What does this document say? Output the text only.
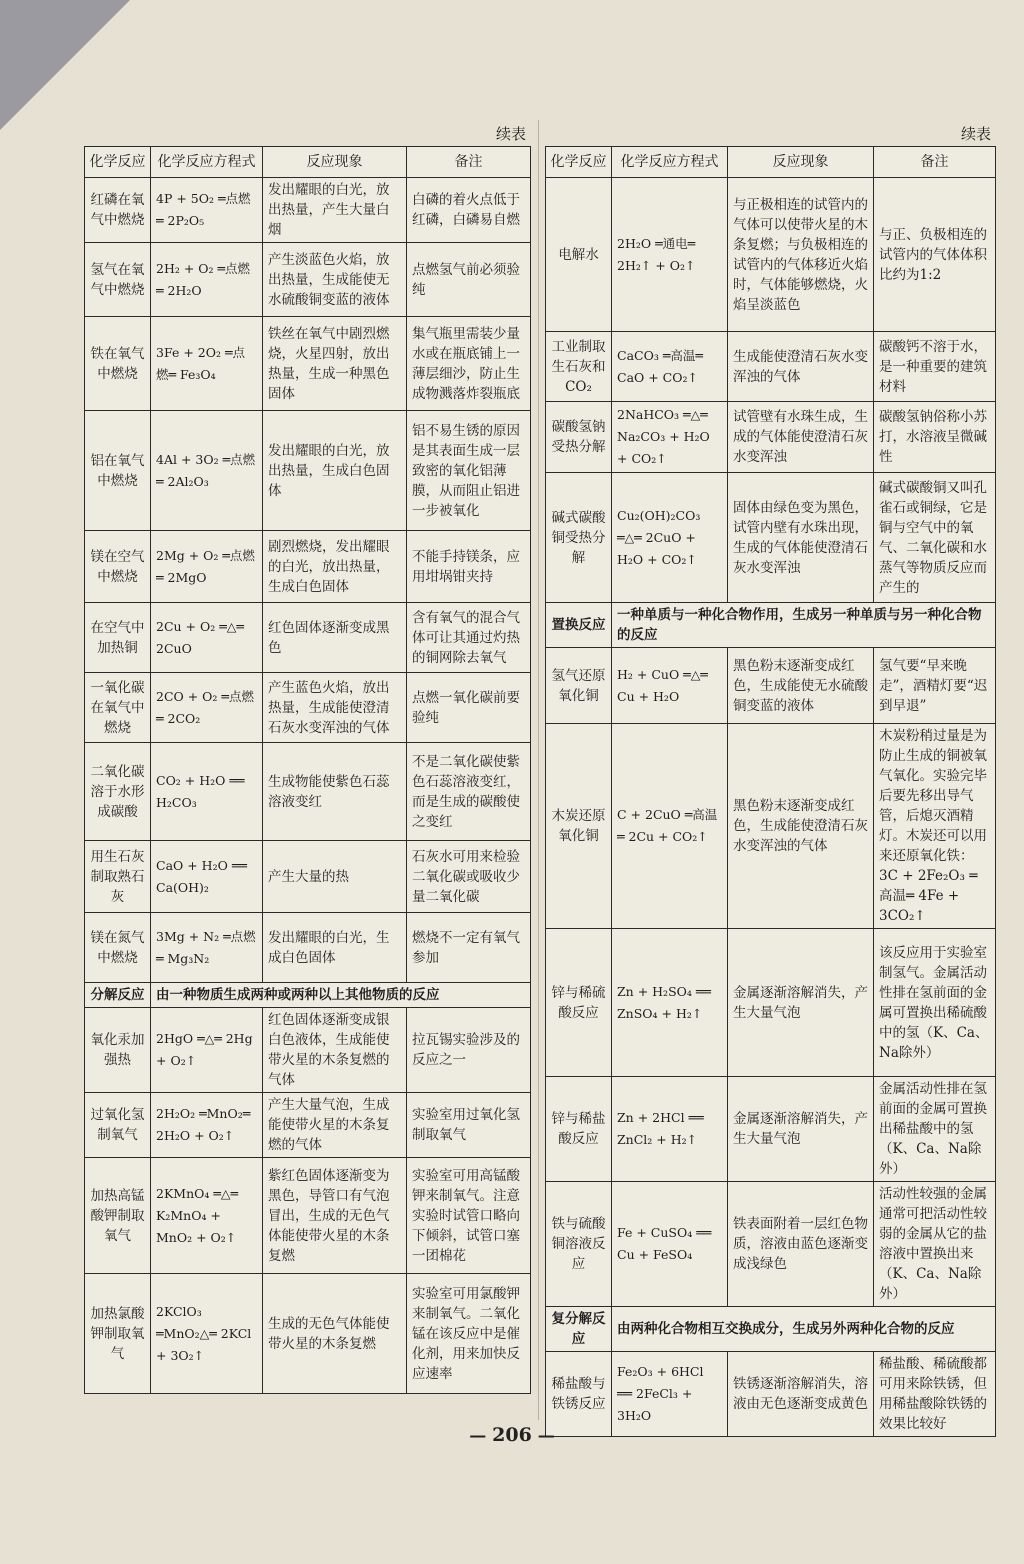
续表
化学反应	化学反应方程式	反应现象	备注
红磷在氧气中燃烧	4P + 5O₂ ═点燃═ 2P₂O₅	发出耀眼的白光，放出热量，产生大量白烟	白磷的着火点低于红磷，白磷易自燃
氢气在氧气中燃烧	2H₂ + O₂ ═点燃═ 2H₂O	产生淡蓝色火焰，放出热量，生成能使无水硫酸铜变蓝的液体	点燃氢气前必须验纯
铁在氧气中燃烧	3Fe + 2O₂ ═点燃═ Fe₃O₄	铁丝在氧气中剧烈燃烧，火星四射，放出热量，生成一种黑色固体	集气瓶里需装少量水或在瓶底铺上一薄层细沙，防止生成物溅落炸裂瓶底
铝在氧气中燃烧	4Al + 3O₂ ═点燃═ 2Al₂O₃	发出耀眼的白光，放出热量，生成白色固体	铝不易生锈的原因是其表面生成一层致密的氧化铝薄膜，从而阻止铝进一步被氧化
镁在空气中燃烧	2Mg + O₂ ═点燃═ 2MgO	剧烈燃烧，发出耀眼的白光，放出热量，生成白色固体	不能手持镁条，应用坩埚钳夹持
在空气中加热铜	2Cu + O₂ ═△═ 2CuO	红色固体逐渐变成黑色	含有氧气的混合气体可让其通过灼热的铜网除去氧气
一氧化碳在氧气中燃烧	2CO + O₂ ═点燃═ 2CO₂	产生蓝色火焰，放出热量，生成能使澄清石灰水变浑浊的气体	点燃一氧化碳前要验纯
二氧化碳溶于水形成碳酸	CO₂ + H₂O ══ H₂CO₃	生成物能使紫色石蕊溶液变红	不是二氧化碳使紫色石蕊溶液变红，而是生成的碳酸使之变红
用生石灰制取熟石灰	CaO + H₂O ══ Ca(OH)₂	产生大量的热	石灰水可用来检验二氧化碳或吸收少量二氧化碳
镁在氮气中燃烧	3Mg + N₂ ═点燃═ Mg₃N₂	发出耀眼的白光，生成白色固体	燃烧不一定有氧气参加
分解反应	由一种物质生成两种或两种以上其他物质的反应		
氧化汞加强热	2HgO ═△═ 2Hg + O₂↑	红色固体逐渐变成银白色液体，生成能使带火星的木条复燃的气体	拉瓦锡实验涉及的反应之一
过氧化氢制氧气	2H₂O₂ ═MnO₂═ 2H₂O + O₂↑	产生大量气泡，生成能使带火星的木条复燃的气体	实验室用过氧化氢制取氧气
加热高锰酸钾制取氧气	2KMnO₄ ═△═ K₂MnO₄ + MnO₂ + O₂↑	紫红色固体逐渐变为黑色，导管口有气泡冒出，生成的无色气体能使带火星的木条复燃	实验室可用高锰酸钾来制氧气。注意实验时试管口略向下倾斜，试管口塞一团棉花
加热氯酸钾制取氧气	2KClO₃ ═MnO₂△═ 2KCl + 3O₂↑	生成的无色气体能使带火星的木条复燃	实验室可用氯酸钾来制氧气。二氧化锰在该反应中是催化剂，用来加快反应速率
续表
化学反应	化学反应方程式	反应现象	备注
电解水	2H₂O ═通电═ 2H₂↑ + O₂↑	与正极相连的试管内的气体可以使带火星的木条复燃；与负极相连的试管内的气体移近火焰时，气体能够燃烧，火焰呈淡蓝色	与正、负极相连的试管内的气体体积比约为1:2
工业制取生石灰和CO₂	CaCO₃ ═高温═ CaO + CO₂↑	生成能使澄清石灰水变浑浊的气体	碳酸钙不溶于水，是一种重要的建筑材料
碳酸氢钠受热分解	2NaHCO₃ ═△═ Na₂CO₃ + H₂O + CO₂↑	试管壁有水珠生成，生成的气体能使澄清石灰水变浑浊	碳酸氢钠俗称小苏打，水溶液呈微碱性
碱式碳酸铜受热分解	Cu₂(OH)₂CO₃ ═△═ 2CuO + H₂O + CO₂↑	固体由绿色变为黑色，试管内壁有水珠出现，生成的气体能使澄清石灰水变浑浊	碱式碳酸铜又叫孔雀石或铜绿，它是铜与空气中的氧气、二氧化碳和水蒸气等物质反应而产生的
置换反应	一种单质与一种化合物作用，生成另一种单质与另一种化合物的反应		
氢气还原氧化铜	H₂ + CuO ═△═ Cu + H₂O	黑色粉末逐渐变成红色，生成能使无水硫酸铜变蓝的液体	氢气要“早来晚走”，酒精灯要“迟到早退”
木炭还原氧化铜	C + 2CuO ═高温═ 2Cu + CO₂↑	黑色粉末逐渐变成红色，生成能使澄清石灰水变浑浊的气体	木炭粉稍过量是为防止生成的铜被氧气氧化。实验完毕后要先移出导气管，后熄灭酒精灯。木炭还可以用来还原氧化铁：3C + 2Fe₂O₃ ═高温═ 4Fe + 3CO₂↑
锌与稀硫酸反应	Zn + H₂SO₄ ══ ZnSO₄ + H₂↑	金属逐渐溶解消失，产生大量气泡	该反应用于实验室制氢气。金属活动性排在氢前面的金属可置换出稀硫酸中的氢（K、Ca、Na除外）
锌与稀盐酸反应	Zn + 2HCl ══ ZnCl₂ + H₂↑	金属逐渐溶解消失，产生大量气泡	金属活动性排在氢前面的金属可置换出稀盐酸中的氢（K、Ca、Na除外）
铁与硫酸铜溶液反应	Fe + CuSO₄ ══ Cu + FeSO₄	铁表面附着一层红色物质，溶液由蓝色逐渐变成浅绿色	活动性较强的金属通常可把活动性较弱的金属从它的盐溶液中置换出来（K、Ca、Na除外）
复分解反应	由两种化合物相互交换成分，生成另外两种化合物的反应		
稀盐酸与铁锈反应	Fe₂O₃ + 6HCl ══ 2FeCl₃ + 3H₂O	铁锈逐渐溶解消失，溶液由无色逐渐变成黄色	稀盐酸、稀硫酸都可用来除铁锈，但用稀盐酸除铁锈的效果比较好
— 206 —
